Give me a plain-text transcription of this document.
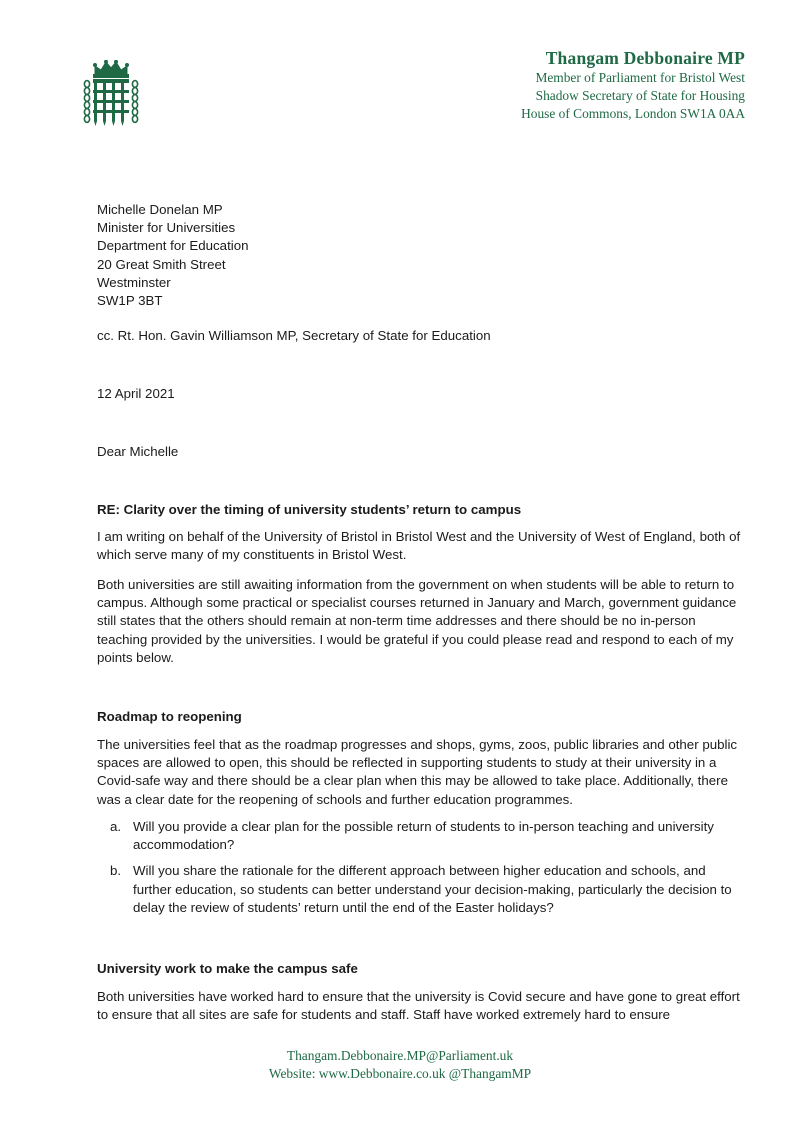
Thangam Debbonaire MP
Member of Parliament for Bristol West
Shadow Secretary of State for Housing
House of Commons, London SW1A 0AA
Michelle Donelan MP
Minister for Universities
Department for Education
20 Great Smith Street
Westminster
SW1P 3BT
cc. Rt. Hon. Gavin Williamson MP, Secretary of State for Education
12 April 2021
Dear Michelle
RE: Clarity over the timing of university students’ return to campus

I am writing on behalf of the University of Bristol in Bristol West and the University of West of England, both of which serve many of my constituents in Bristol West.

Both universities are still awaiting information from the government on when students will be able to return to campus. Although some practical or specialist courses returned in January and March, government guidance still states that the others should remain at non-term time addresses and there should be no in-person teaching provided by the universities. I would be grateful if you could please read and respond to each of my points below.

Roadmap to reopening

The universities feel that as the roadmap progresses and shops, gyms, zoos, public libraries and other public spaces are allowed to open, this should be reflected in supporting students to study at their university in a Covid-safe way and there should be a clear plan when this may be allowed to take place. Additionally, there was a clear date for the reopening of schools and further education programmes.

a. Will you provide a clear plan for the possible return of students to in-person teaching and university accommodation?
b. Will you share the rationale for the different approach between higher education and schools, and further education, so students can better understand your decision-making, particularly the decision to delay the review of students’ return until the end of the Easter holidays?
University work to make the campus safe

Both universities have worked hard to ensure that the university is Covid secure and have gone to great effort to ensure that all sites are safe for students and staff. Staff have worked extremely hard to ensure

Thangam.Debbonaire.MP@Parliament.uk
Website: www.Debbonaire.co.uk @ThangamMP
